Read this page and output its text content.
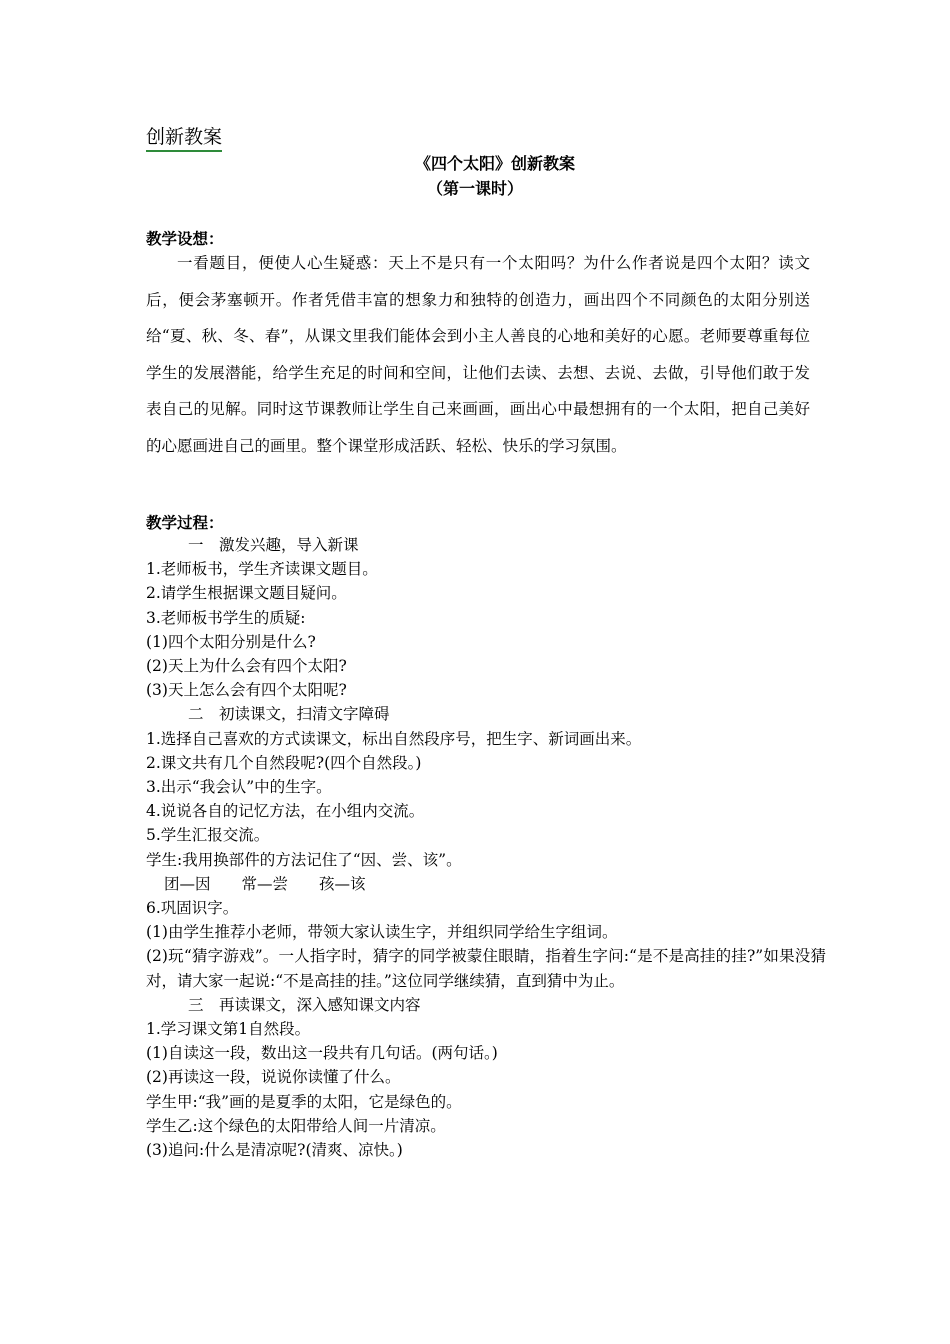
创新教案
《四个太阳》创新教案
（第一课时）
教学设想：

一看题目，便使人心生疑惑：天上不是只有一个太阳吗？为什么作者说是四个太阳？读文后，便会茅塞顿开。作者凭借丰富的想象力和独特的创造力，画出四个不同颜色的太阳分别送给“夏、秋、冬、春”，从课文里我们能体会到小主人善良的心地和美好的心愿。老师要尊重每位学生的发展潜能，给学生充足的时间和空间，让他们去读、去想、去说、去做，引导他们敢于发表自己的见解。同时这节课教师让学生自己来画画，画出心中最想拥有的一个太阳，把自己美好的心愿画进自己的画里。整个课堂形成活跃、轻松、快乐的学习氛围。

教学过程：
一　激发兴趣，导入新课
1.老师板书，学生齐读课文题目。
2.请学生根据课文题目疑问。
3.老师板书学生的质疑:
(1)四个太阳分别是什么?
(2)天上为什么会有四个太阳?
(3)天上怎么会有四个太阳呢?
二　初读课文，扫清文字障碍
1.选择自己喜欢的方式读课文，标出自然段序号，把生字、新词画出来。
2.课文共有几个自然段呢?(四个自然段。)
3.出示“我会认”中的生字。
4.说说各自的记忆方法，在小组内交流。
5.学生汇报交流。
学生:我用换部件的方法记住了“因、尝、该”。
团—因　　常—尝　　孩—该
6.巩固识字。
(1)由学生推荐小老师，带领大家认读生字，并组织同学给生字组词。
(2)玩“猜字游戏”。一人指字时，猜字的同学被蒙住眼睛，指着生字问:“是不是高挂的挂?”如果没猜对，请大家一起说:“不是高挂的挂。”这位同学继续猜，直到猜中为止。
三　再读课文，深入感知课文内容
1.学习课文第1自然段。
(1)自读这一段，数出这一段共有几句话。(两句话。)
(2)再读这一段，说说你读懂了什么。
学生甲:“我”画的是夏季的太阳，它是绿色的。
学生乙:这个绿色的太阳带给人间一片清凉。
(3)追问:什么是清凉呢?(清爽、凉快。)
